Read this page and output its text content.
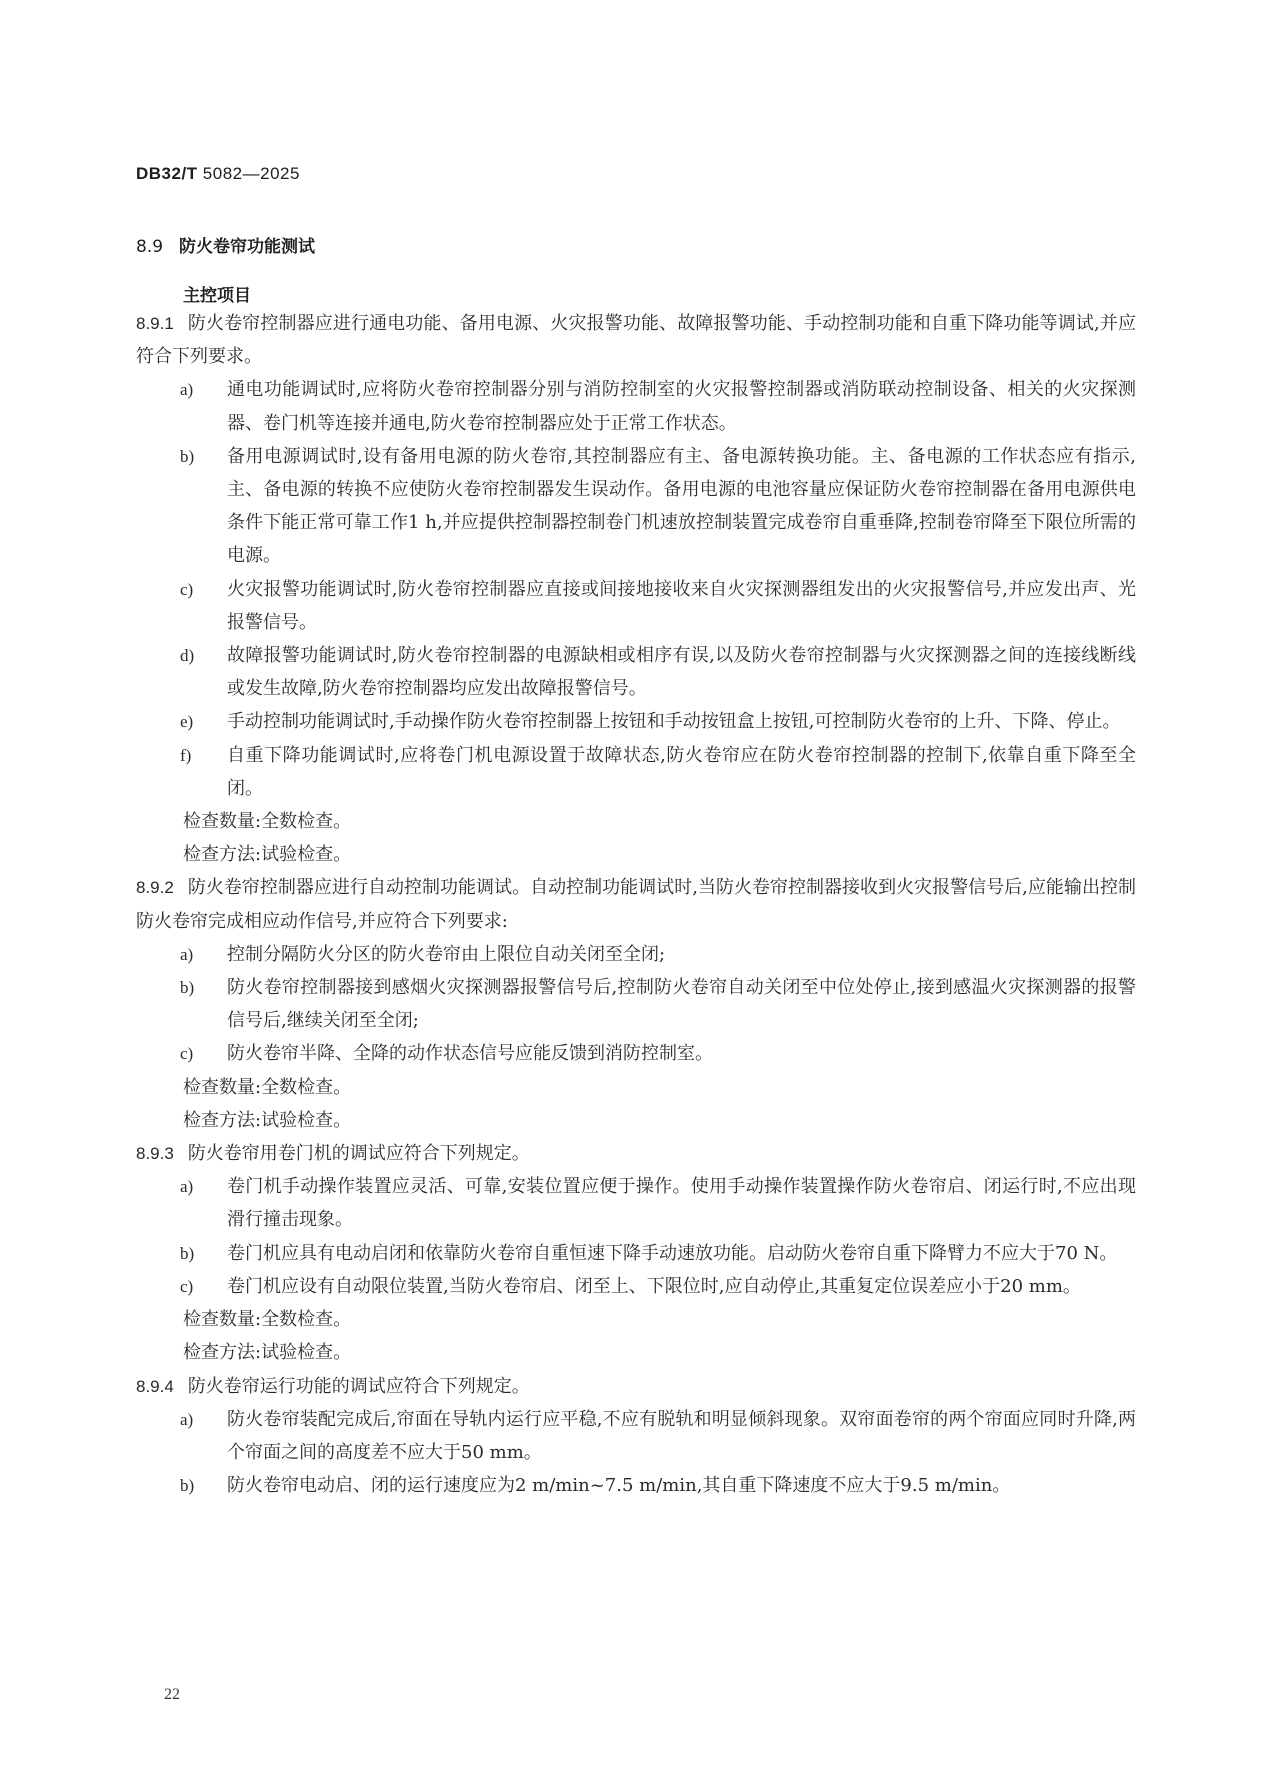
DB32/T 5082—2025
8.9 防火卷帘功能测试
主控项目

8.9.1 防火卷帘控制器应进行通电功能、备用电源、火灾报警功能、故障报警功能、手动控制功能和自重下降功能等调试,并应符合下列要求。

a) 通电功能调试时,应将防火卷帘控制器分别与消防控制室的火灾报警控制器或消防联动控制设备、相关的火灾探测器、卷门机等连接并通电,防火卷帘控制器应处于正常工作状态。

b) 备用电源调试时,设有备用电源的防火卷帘,其控制器应有主、备电源转换功能。主、备电源的工作状态应有指示,主、备电源的转换不应使防火卷帘控制器发生误动作。备用电源的电池容量应保证防火卷帘控制器在备用电源供电条件下能正常可靠工作1 h,并应提供控制器控制卷门机速放控制装置完成卷帘自重垂降,控制卷帘降至下限位所需的电源。

c) 火灾报警功能调试时,防火卷帘控制器应直接或间接地接收来自火灾探测器组发出的火灾报警信号,并应发出声、光报警信号。

d) 故障报警功能调试时,防火卷帘控制器的电源缺相或相序有误,以及防火卷帘控制器与火灾探测器之间的连接线断线或发生故障,防火卷帘控制器均应发出故障报警信号。

e) 手动控制功能调试时,手动操作防火卷帘控制器上按钮和手动按钮盒上按钮,可控制防火卷帘的上升、下降、停止。

f) 自重下降功能调试时,应将卷门机电源设置于故障状态,防火卷帘应在防火卷帘控制器的控制下,依靠自重下降至全闭。

检查数量:全数检查。

检查方法:试验检查。

8.9.2 防火卷帘控制器应进行自动控制功能调试。自动控制功能调试时,当防火卷帘控制器接收到火灾报警信号后,应能输出控制防火卷帘完成相应动作信号,并应符合下列要求:

a) 控制分隔防火分区的防火卷帘由上限位自动关闭至全闭;

b) 防火卷帘控制器接到感烟火灾探测器报警信号后,控制防火卷帘自动关闭至中位处停止,接到感温火灾探测器的报警信号后,继续关闭至全闭;

c) 防火卷帘半降、全降的动作状态信号应能反馈到消防控制室。

检查数量:全数检查。

检查方法:试验检查。

8.9.3 防火卷帘用卷门机的调试应符合下列规定。

a) 卷门机手动操作装置应灵活、可靠,安装位置应便于操作。使用手动操作装置操作防火卷帘启、闭运行时,不应出现滑行撞击现象。

b) 卷门机应具有电动启闭和依靠防火卷帘自重恒速下降手动速放功能。启动防火卷帘自重下降臂力不应大于70 N。

c) 卷门机应设有自动限位装置,当防火卷帘启、闭至上、下限位时,应自动停止,其重复定位误差应小于20 mm。

检查数量:全数检查。

检查方法:试验检查。

8.9.4 防火卷帘运行功能的调试应符合下列规定。

a) 防火卷帘装配完成后,帘面在导轨内运行应平稳,不应有脱轨和明显倾斜现象。双帘面卷帘的两个帘面应同时升降,两个帘面之间的高度差不应大于50 mm。

b) 防火卷帘电动启、闭的运行速度应为2 m/min~7.5 m/min,其自重下降速度不应大于9.5 m/min。

22
